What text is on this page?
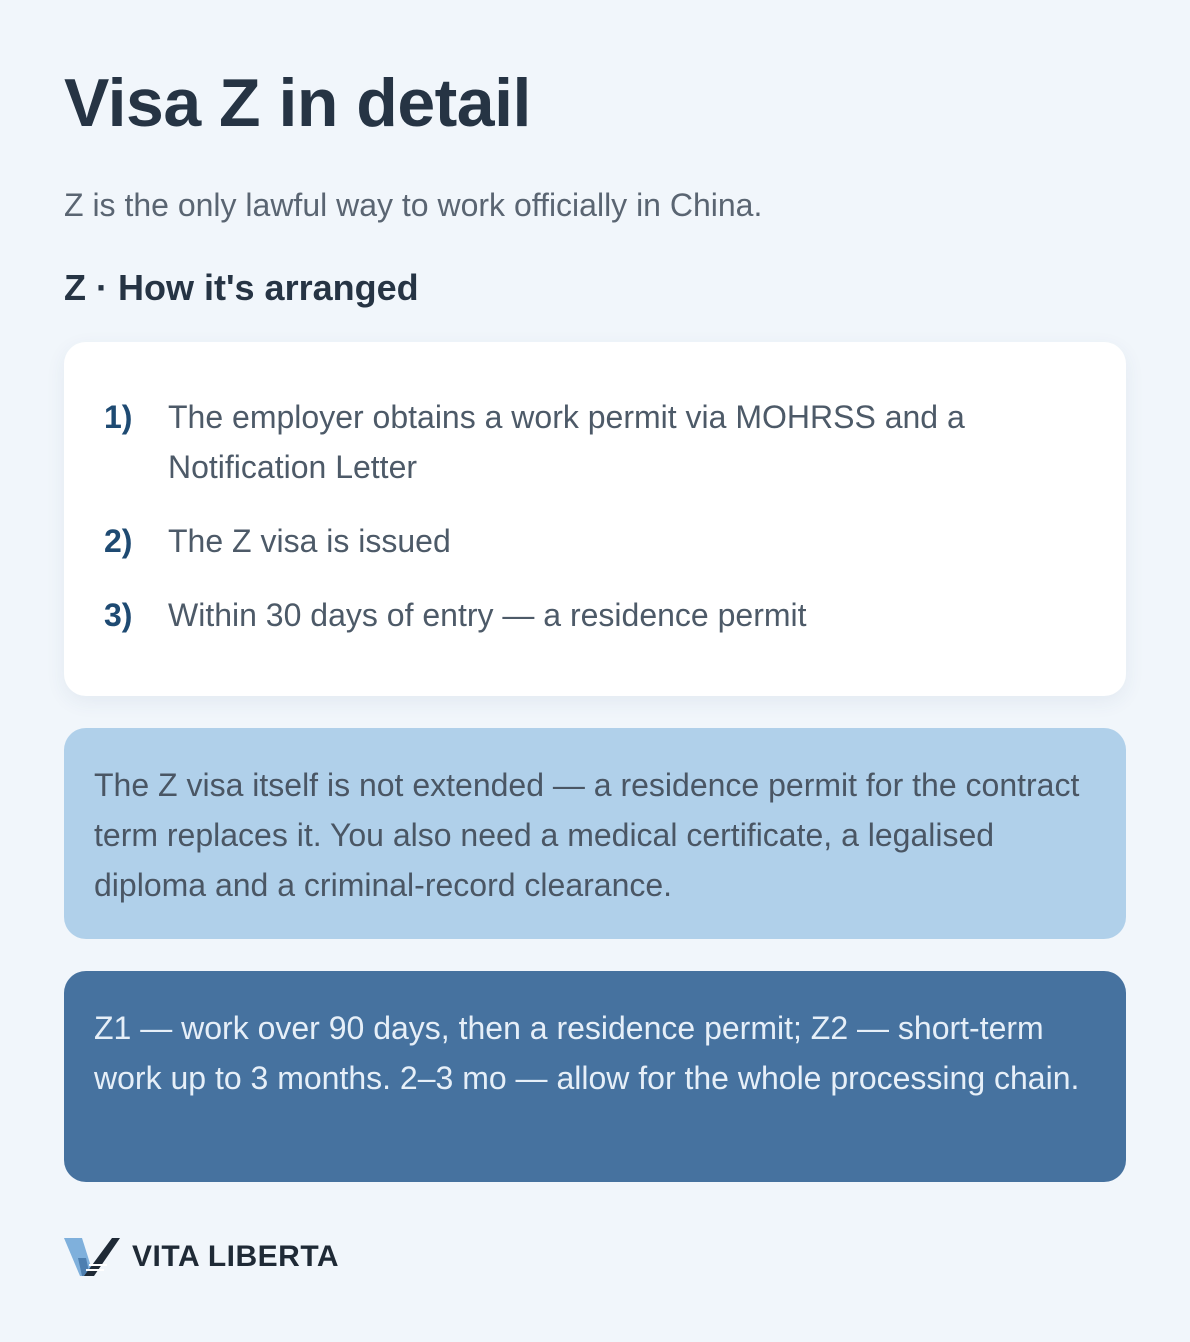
Visa Z in detail

Z is the only lawful way to work officially in China.

Z · How it's arranged
1)	The employer obtains a work permit via MOHRSS and a Notification Letter
2)	The Z visa is issued
3)	Within 30 days of entry — a residence permit

The Z visa itself is not extended — a residence permit for the contract term replaces it. You also need a medical certificate, a legalised diploma and a criminal-record clearance.

Z1 — work over 90 days, then a residence permit; Z2 — short-term work up to 3 months. 2–3 mo — allow for the whole processing chain.

VITA LIBERTA
